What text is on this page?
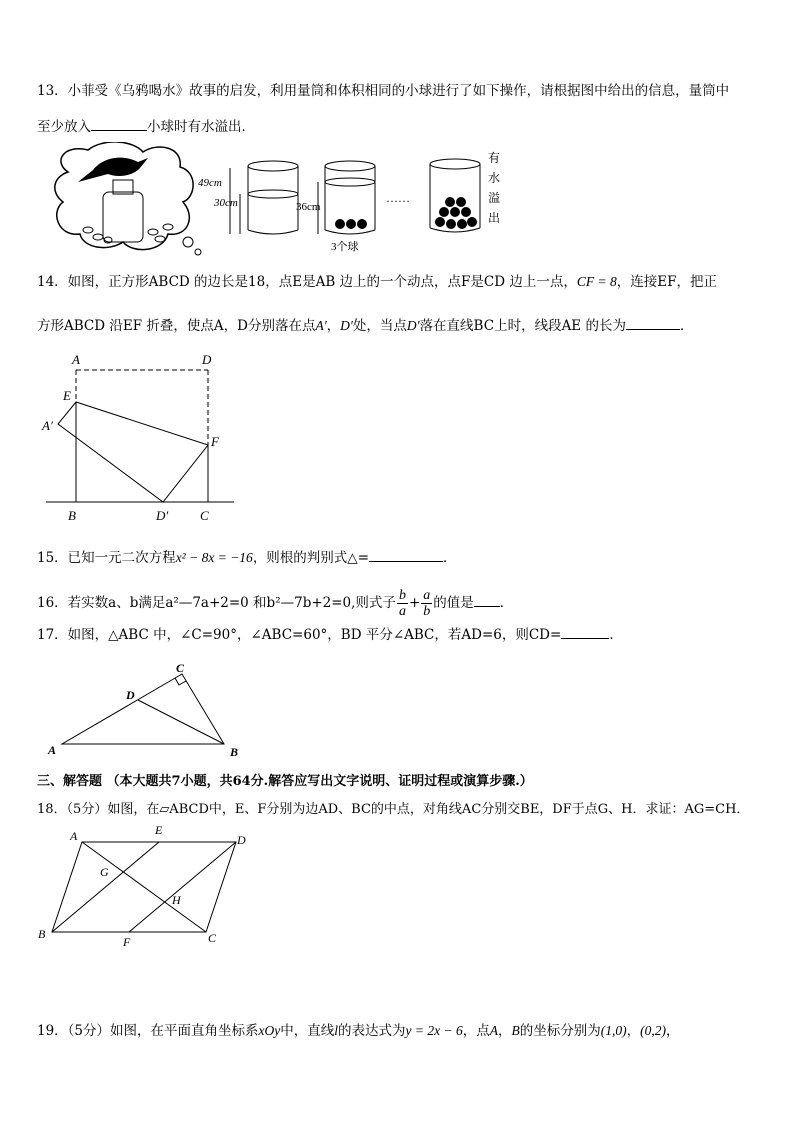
13．小菲受《乌鸦喝水》故事的启发，利用量筒和体积相同的小球进行了如下操作，请根据图中给出的信息，量筒中
至少放入	小球时有水溢出．
49cm
30cm	36cm
3个球
……
有
水
溢
出
14．如图，正方形ABCD 的边长是18，点E是AB 边上的一个动点，点F是CD 边上一点，CF = 8，连接EF，把正
方形ABCD 沿EF 折叠，使点A，D分别落在点A′，D′处，当点D′落在直线BC上时，线段AE 的长为	．
A	D
E
A′
F
B	D′ C
15．已知一元二次方程x² − 8x = −16，则根的判别式△=	．
16．若实数a、b满足a²—7a+2=0 和b²—7b+2=0,则式子 $\frac{b}{a} + \frac{a}{b}$ 的值是 ．
17．如图，△ABC 中，∠C=90°，∠ABC=60°，BD 平分∠ABC，若AD=6，则CD=	．
C
D
A	B
三、解答题 （本大题共7小题，共64分.解答应写出文字说明、证明过程或演算步骤.）
18．（5分）如图，在▱ABCD中，E、F分别为边AD、BC的中点，对角线AC分别交BE，DF于点G、H．求证：AG=CH．
A	E
D
G
H
B
F	C
19．（5分）如图，在平面直角坐标系xOy中，直线l的表达式为y = 2x − 6，点A，B的坐标分别为(1,0)，(0,2)，
